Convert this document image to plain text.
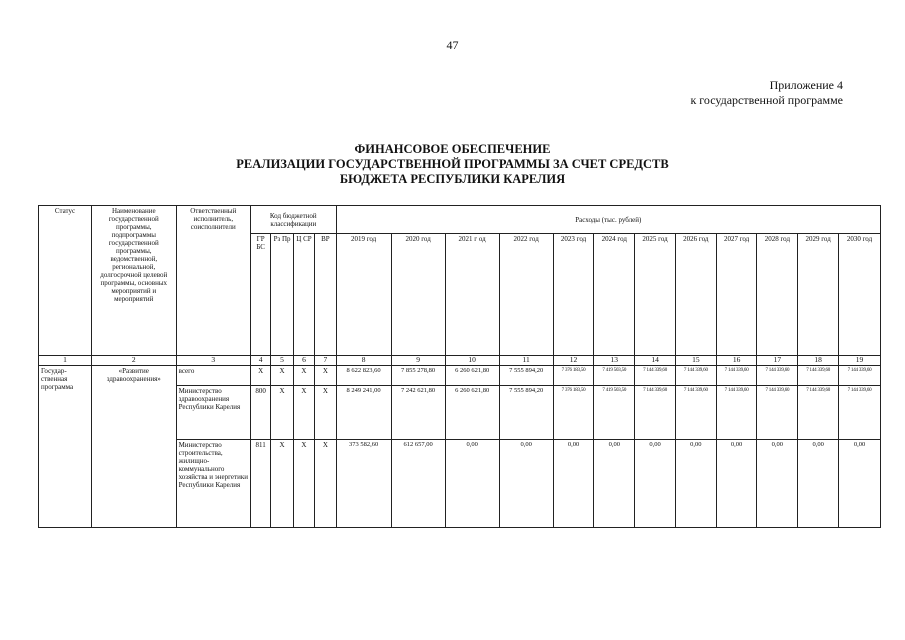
47
Приложение 4
к государственной программе
ФИНАНСОВОЕ ОБЕСПЕЧЕНИЕ
РЕАЛИЗАЦИИ ГОСУДАРСТВЕННОЙ ПРОГРАММЫ ЗА СЧЕТ СРЕДСТВ
БЮДЖЕТА РЕСПУБЛИКИ КАРЕЛИЯ
Статус	Наименование государственной программы, подпрограммы государственной программы, ведомственной, региональной, долгосрочной целевой программы, основных мероприятий и мероприятий	Ответственный исполнитель, соисполнители	Код бюджетной классификации				Расходы (тыс. рублей)											
			ГР БС	Рз Пр	Ц СР	ВР	2019 год	2020 год	2021 г од	2022 год	2023 год	2024 год	2025 год	2026 год	2027 год	2028 год	2029 год	2030 год
1	2	3	4	5	6	7	8	9	10	11	12	13	14	15	16	17	18	19
Государ-ственная программа	«Развитие здравоохранения»	всего	Х	Х	Х	Х	8 622 823,60	7 855 278,80	6 260 621,80	7 555 894,20	7 376 183,50	7 419 503,50	7 144 339,60	7 144 339,60	7 144 339,60	7 144 339,60	7 144 339,60	7 144 339,60
		Министерство здравоохранения Республики Карелия	800	Х	Х	Х	8 249 241,00	7 242 621,80	6 260 621,80	7 555 894,20	7 376 183,50	7 419 503,50	7 144 339,60	7 144 339,60	7 144 339,60	7 144 339,60	7 144 339,60	7 144 339,60
		Министерство строительства, жилищно-коммунального хозяйства и энергетики Республики Карелия	811	Х	Х	Х	373 582,60	612 657,00	0,00	0,00	0,00	0,00	0,00	0,00	0,00	0,00	0,00	0,00
